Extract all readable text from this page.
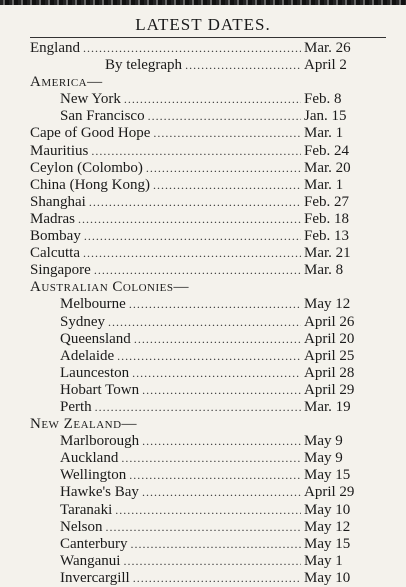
LATEST DATES.
England .....	Mar. 26
By telegraph .....	April 2
America—
New York .....	Feb. 8
San Francisco .....	Jan. 15
Cape of Good Hope .....	Mar. 1
Mauritius .....	Feb. 24
Ceylon (Colombo) .....	Mar. 20
China (Hong Kong) .....	Mar. 1
Shanghai .....	Feb. 27
Madras .....	Feb. 18
Bombay .....	Feb. 13
Calcutta .....	Mar. 21
Singapore .....	Mar. 8
Australian Colonies—
Melbourne .....	May 12
Sydney .....	April 26
Queensland .....	April 20
Adelaide .....	April 25
Launceston .....	April 28
Hobart Town .....	April 29
Perth .....	Mar. 19
New Zealand—
Marlborough .....	May 9
Auckland .....	May 9
Wellington .....	May 15
Hawke's Bay .....	April 29
Taranaki .....	May 10
Nelson .....	May 12
Canterbury .....	May 15
Wanganui .....	May 1
Invercargill .....	May 10
